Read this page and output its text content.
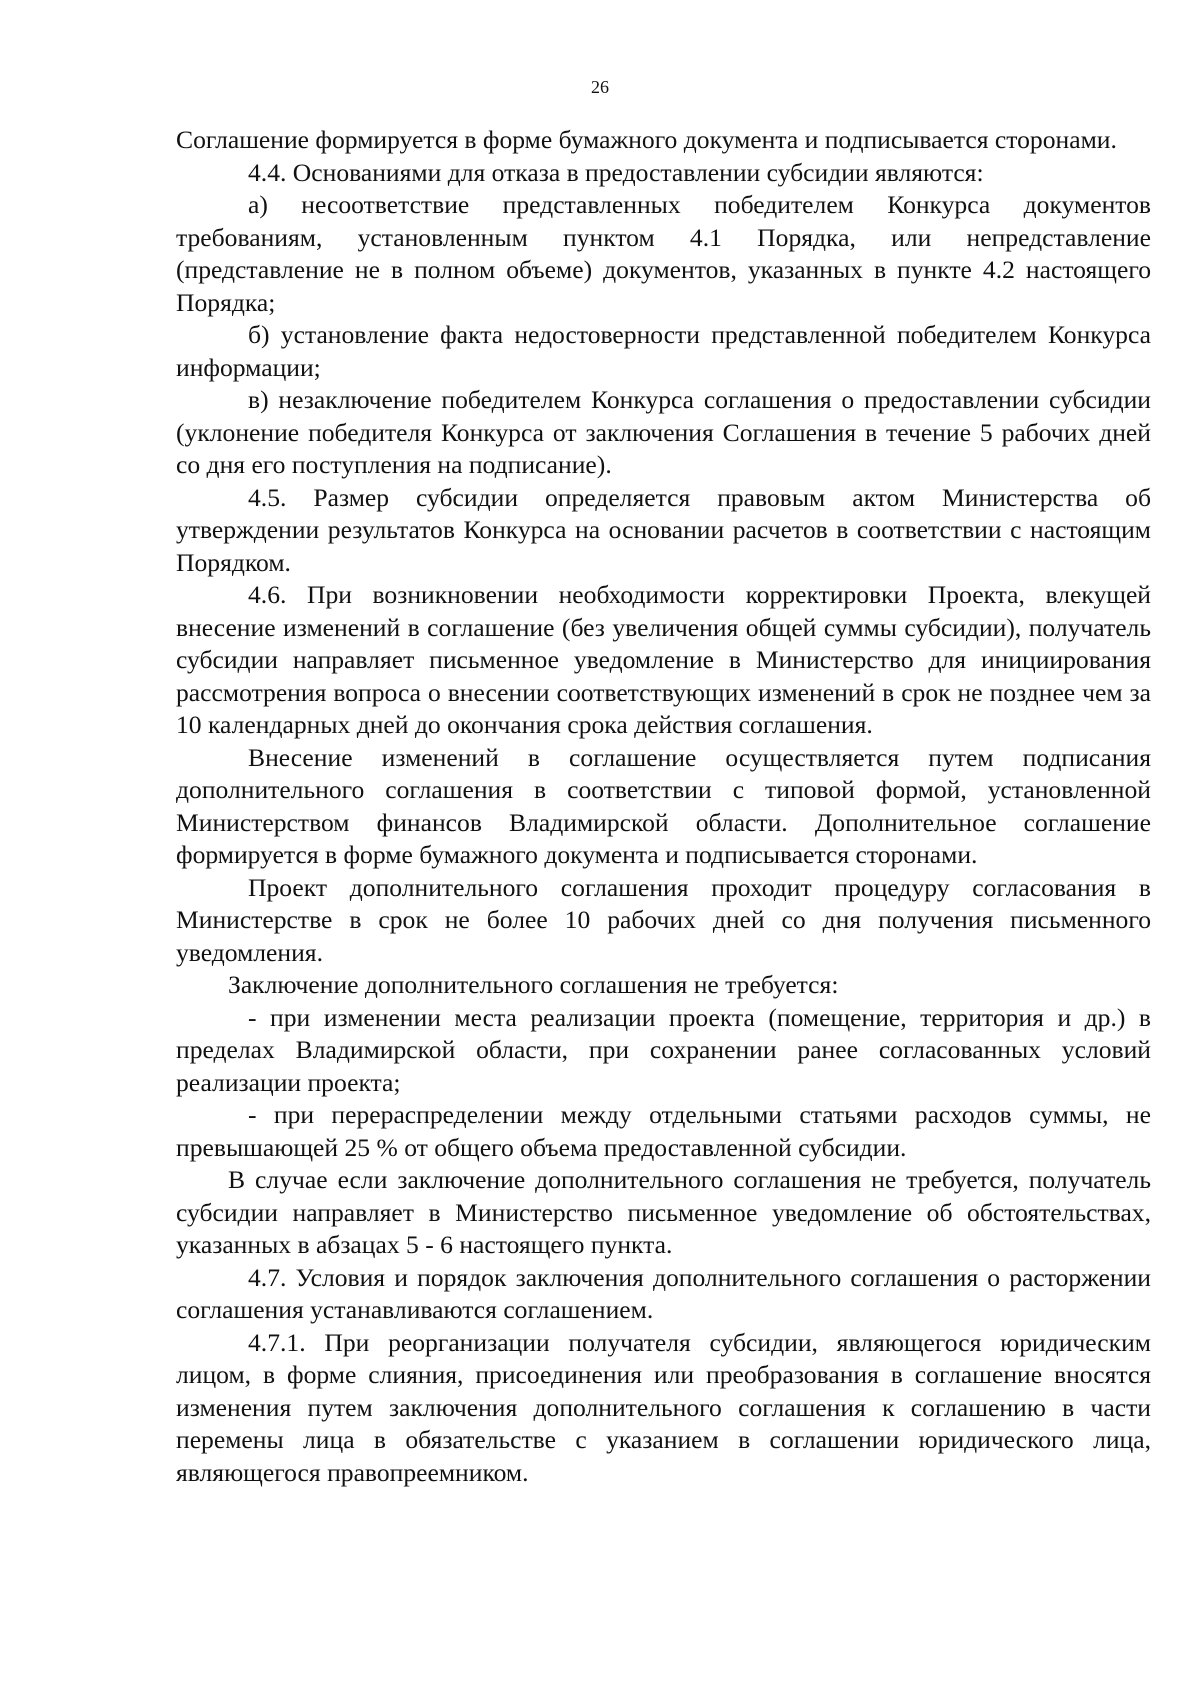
26

Соглашение формируется в форме бумажного документа и подписывается сторонами.

4.4. Основаниями для отказа в предоставлении субсидии являются:

а) несоответствие представленных победителем Конкурса документов требованиям, установленным пунктом 4.1 Порядка, или непредставление (представление не в полном объеме) документов, указанных в пункте 4.2 настоящего Порядка;

б) установление факта недостоверности представленной победителем Конкурса информации;

в) незаключение победителем Конкурса соглашения о предоставлении субсидии (уклонение победителя Конкурса от заключения Соглашения в течение 5 рабочих дней со дня его поступления на подписание).

4.5. Размер субсидии определяется правовым актом Министерства об утверждении результатов Конкурса на основании расчетов в соответствии с настоящим Порядком.

4.6. При возникновении необходимости корректировки Проекта, влекущей внесение изменений в соглашение (без увеличения общей суммы субсидии), получатель субсидии направляет письменное уведомление в Министерство для инициирования рассмотрения вопроса о внесении соответствующих изменений в срок не позднее чем за 10 календарных дней до окончания срока действия соглашения.

Внесение изменений в соглашение осуществляется путем подписания дополнительного соглашения в соответствии с типовой формой, установленной Министерством финансов Владимирской области. Дополнительное соглашение формируется в форме бумажного документа и подписывается сторонами.

Проект дополнительного соглашения проходит процедуру согласования в Министерстве в срок не более 10 рабочих дней со дня получения письменного уведомления.

Заключение дополнительного соглашения не требуется:

- при изменении места реализации проекта (помещение, территория и др.) в пределах Владимирской области, при сохранении ранее согласованных условий реализации проекта;

- при перераспределении между отдельными статьями расходов суммы, не превышающей 25 % от общего объема предоставленной субсидии.

В случае если заключение дополнительного соглашения не требуется, получатель субсидии направляет в Министерство письменное уведомление об обстоятельствах, указанных в абзацах 5 - 6 настоящего пункта.

4.7. Условия и порядок заключения дополнительного соглашения о расторжении соглашения устанавливаются соглашением.

4.7.1. При реорганизации получателя субсидии, являющегося юридическим лицом, в форме слияния, присоединения или преобразования в соглашение вносятся изменения путем заключения дополнительного соглашения к соглашению в части перемены лица в обязательстве с указанием в соглашении юридического лица, являющегося правопреемником.
